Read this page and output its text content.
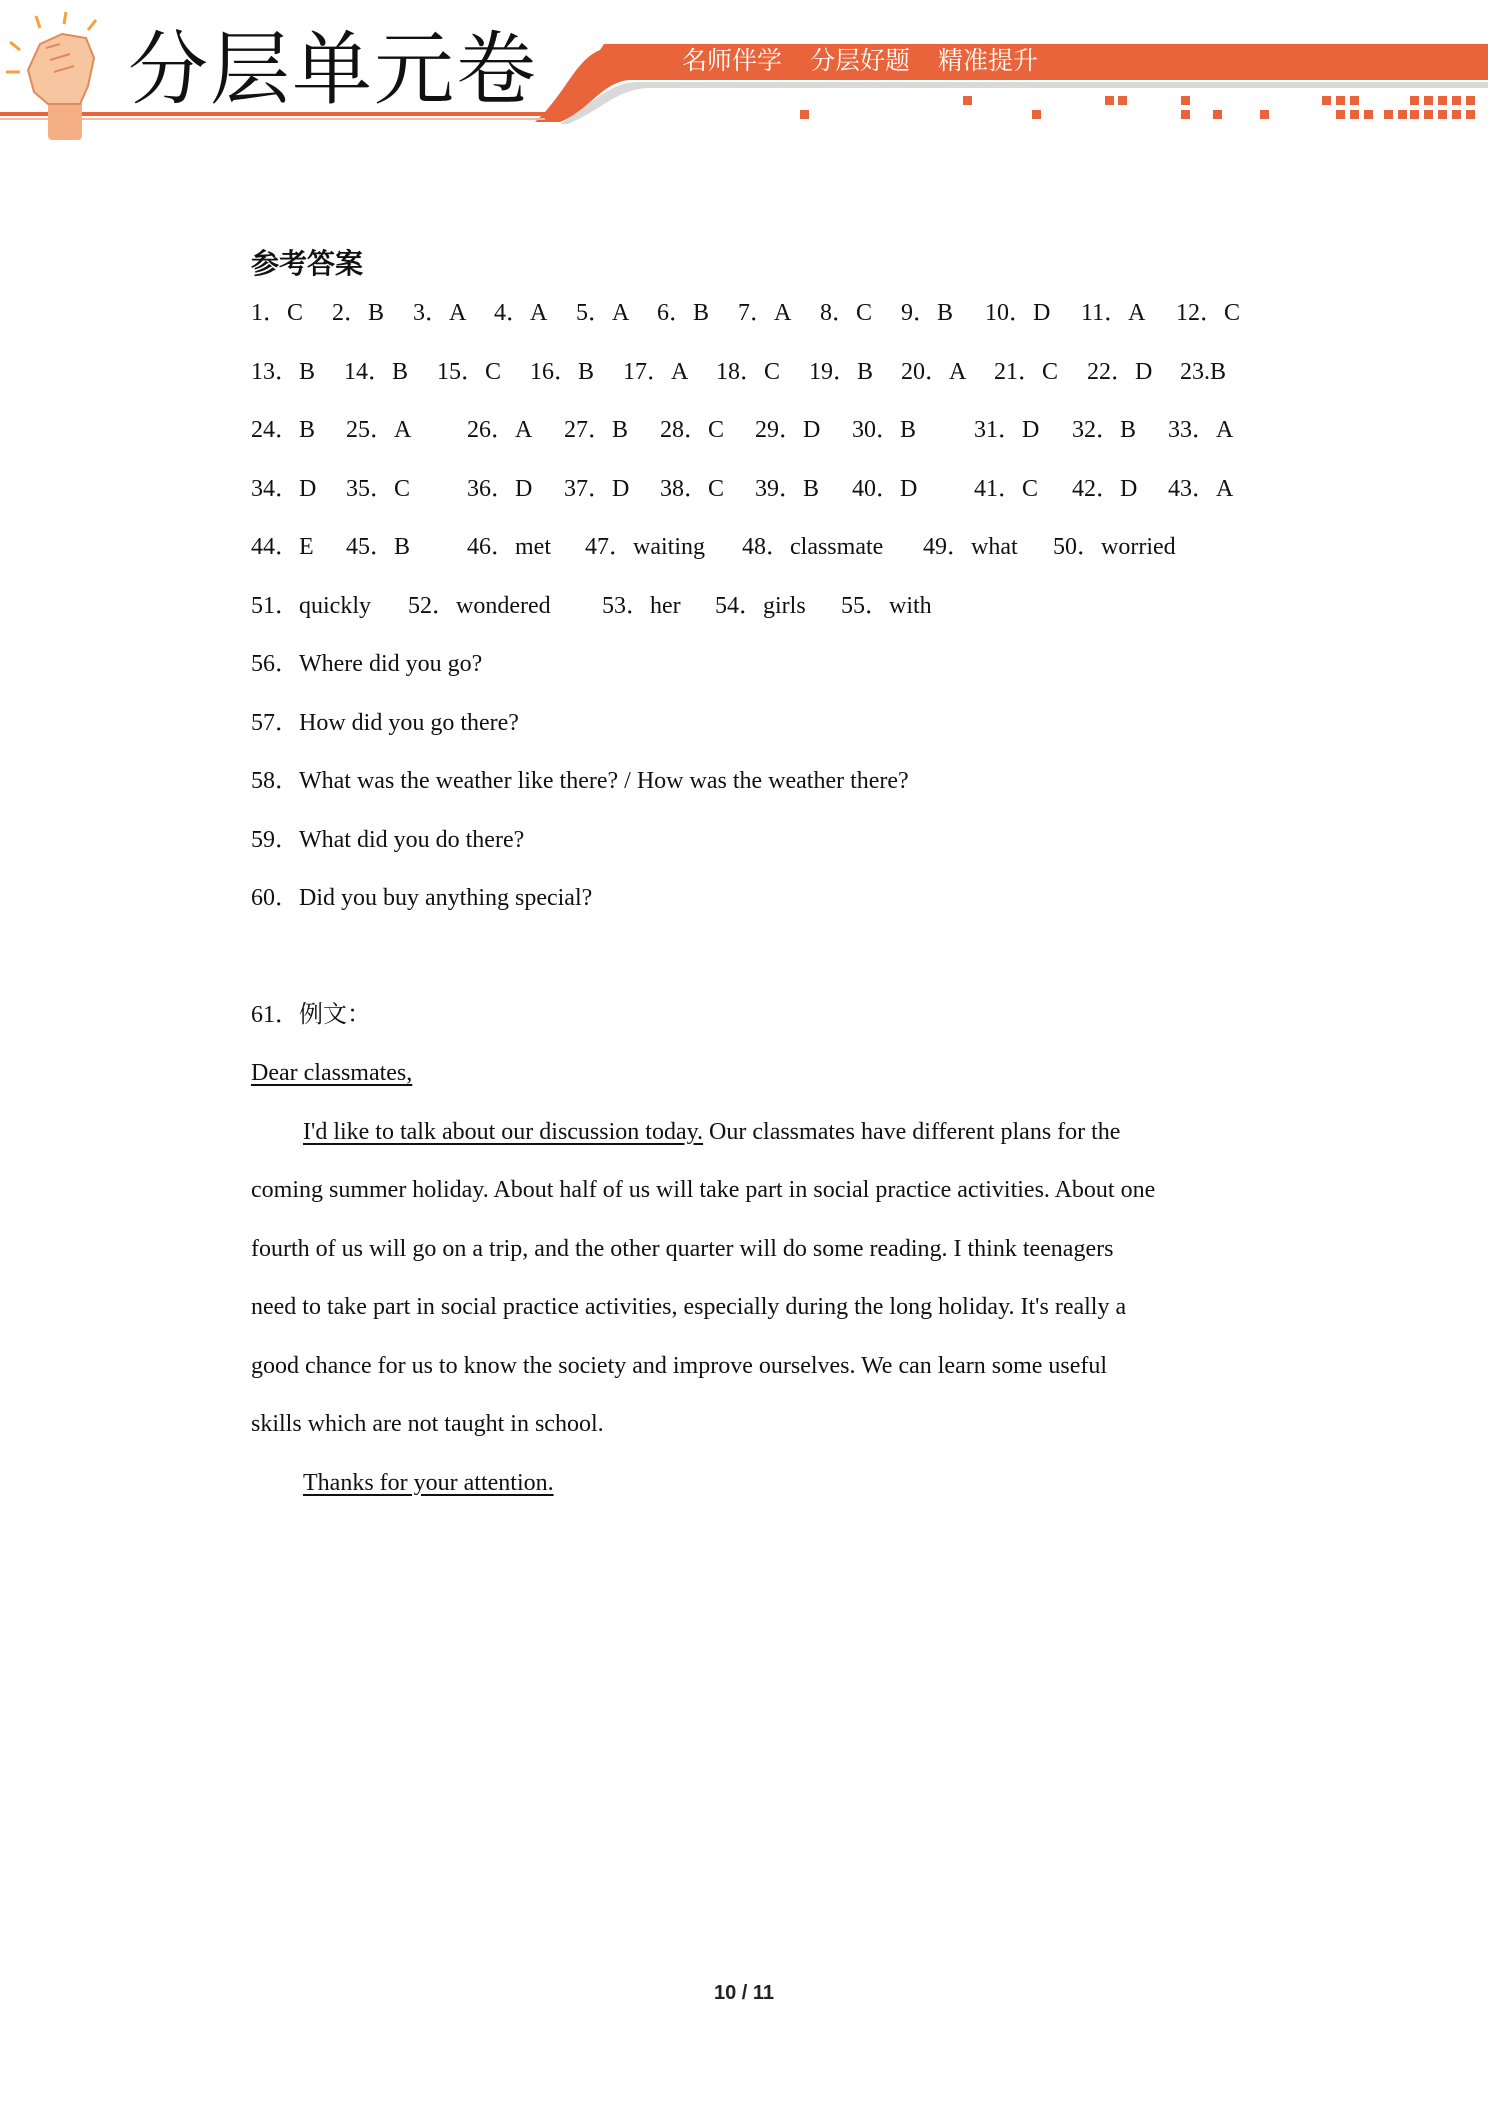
分层单元卷	名师伴学 分层好题 精准提升
参考答案
1．C 2．B 3．A 4．A 5．A 6．B 7．A 8．C 9．B 10．D 11．A 12．C
13．B 14．B 15．C 16．B 17．A 18．C 19．B 20．A 21．C 22．D 23.B
24．B 25．A 26．A 27．B 28．C 29．D 30．B 31．D 32．B 33．A
34．D 35．C 36．D 37．D 38．C 39．B 40．D 41．C 42．D 43．A
44．E 45．B 46．met 47．waiting 48．classmate 49．what 50．worried
51．quickly 52．wondered 53．her 54．girls 55．with
56．Where did you go?
57．How did you go there?
58．What was the weather like there? / How was the weather there?
59．What did you do there?
60．Did you buy anything special?
61．例文：
Dear classmates,
I'd like to talk about our discussion today. Our classmates have different plans for the
coming summer holiday. About half of us will take part in social practice activities. About one
fourth of us will go on a trip, and the other quarter will do some reading. I think teenagers
need to take part in social practice activities, especially during the long holiday. It's really a
good chance for us to know the society and improve ourselves. We can learn some useful
skills which are not taught in school.
Thanks for your attention.
10 / 11
